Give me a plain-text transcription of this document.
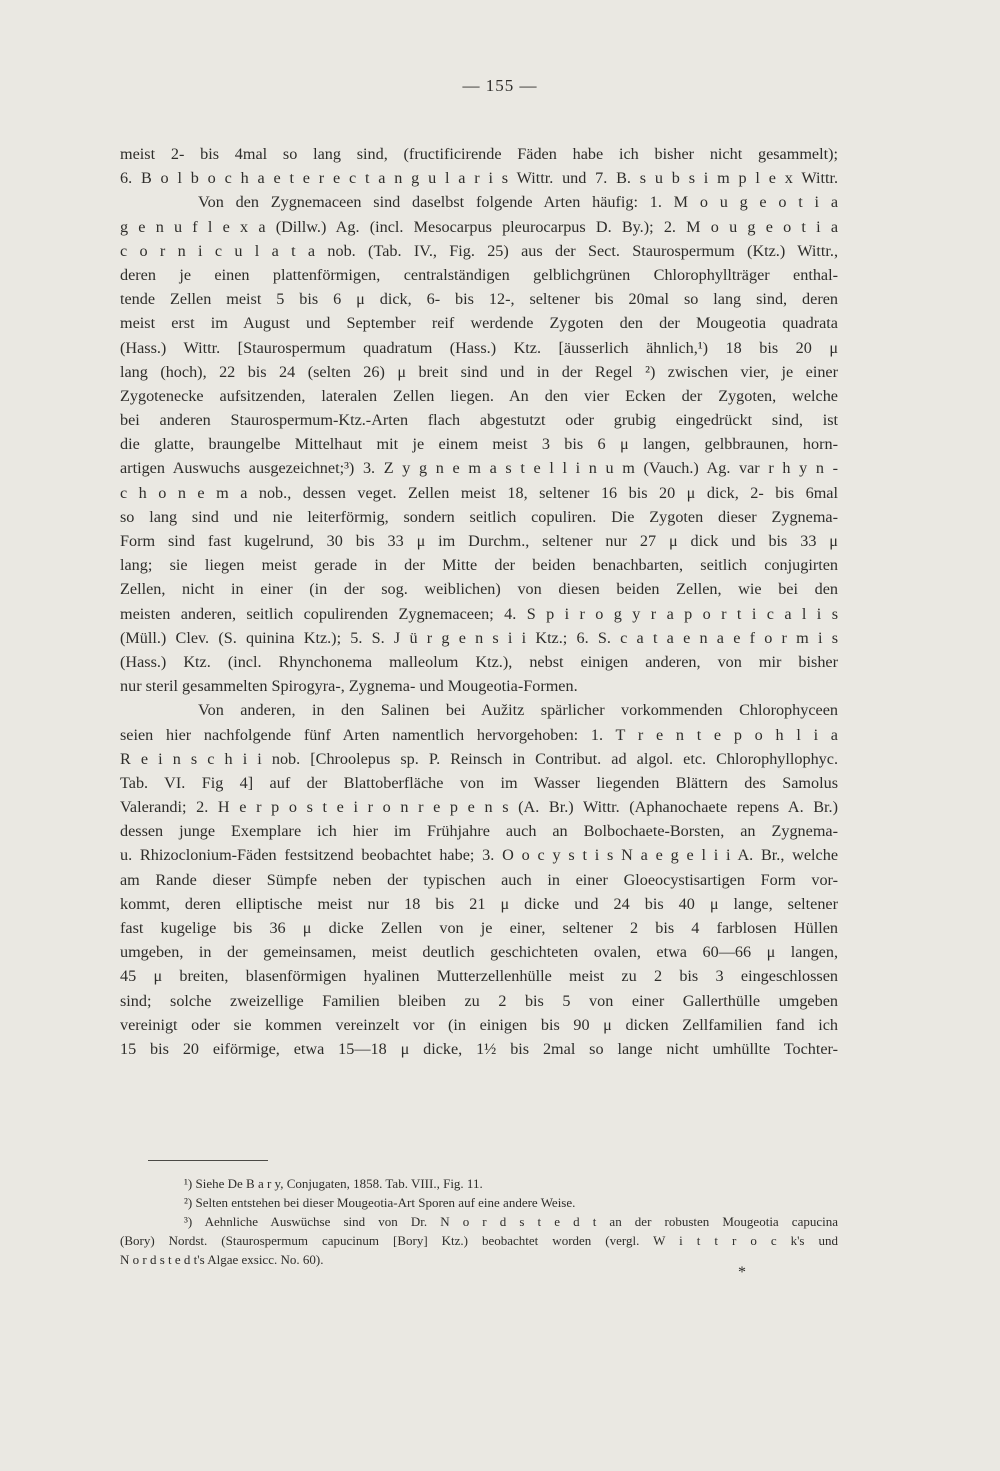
— 155 —
meist 2- bis 4mal so lang sind, (fructificirende Fäden habe ich bisher nicht gesammelt);
6. B o l b o c h a e t e r e c t a n g u l a r i s Wittr. und 7. B. s u b s i m p l e x Wittr.
Von den Zygnemaceen sind daselbst folgende Arten häufig: 1. M o u g e o t i a
g e n u f l e x a (Dillw.) Ag. (incl. Mesocarpus pleurocarpus D. By.); 2. M o u g e o t i a
c o r n i c u l a t a nob. (Tab. IV., Fig. 25) aus der Sect. Staurospermum (Ktz.) Wittr.,
deren je einen plattenförmigen, centralständigen gelblichgrünen Chlorophyllträger enthal-
tende Zellen meist 5 bis 6 μ dick, 6- bis 12-, seltener bis 20mal so lang sind, deren
meist erst im August und September reif werdende Zygoten den der Mougeotia quadrata
(Hass.) Wittr. [Staurospermum quadratum (Hass.) Ktz. [äusserlich ähnlich,¹) 18 bis 20 μ
lang (hoch), 22 bis 24 (selten 26) μ breit sind und in der Regel ²) zwischen vier, je einer
Zygotenecke aufsitzenden, lateralen Zellen liegen. An den vier Ecken der Zygoten, welche
bei anderen Staurospermum-Ktz.-Arten flach abgestutzt oder grubig eingedrückt sind, ist
die glatte, braungelbe Mittelhaut mit je einem meist 3 bis 6 μ langen, gelbbraunen, horn-
artigen Auswuchs ausgezeichnet;³) 3. Z y g n e m a s t e l l i n u m (Vauch.) Ag. var r h y n -
c h o n e m a nob., dessen veget. Zellen meist 18, seltener 16 bis 20 μ dick, 2- bis 6mal
so lang sind und nie leiterförmig, sondern seitlich copuliren. Die Zygoten dieser Zygnema-
Form sind fast kugelrund, 30 bis 33 μ im Durchm., seltener nur 27 μ dick und bis 33 μ
lang; sie liegen meist gerade in der Mitte der beiden benachbarten, seitlich conjugirten
Zellen, nicht in einer (in der sog. weiblichen) von diesen beiden Zellen, wie bei den
meisten anderen, seitlich copulirenden Zygnemaceen; 4. S p i r o g y r a p o r t i c a l i s
(Müll.) Clev. (S. quinina Ktz.); 5. S. J ü r g e n s i i Ktz.; 6. S. c a t a e n a e f o r m i s
(Hass.) Ktz. (incl. Rhynchonema malleolum Ktz.), nebst einigen anderen, von mir bisher
nur steril gesammelten Spirogyra-, Zygnema- und Mougeotia-Formen.
Von anderen, in den Salinen bei Aužitz spärlicher vorkommenden Chlorophyceen
seien hier nachfolgende fünf Arten namentlich hervorgehoben: 1. T r e n t e p o h l i a
R e i n s c h i i nob. [Chroolepus sp. P. Reinsch in Contribut. ad algol. etc. Chlorophyllophyc.
Tab. VI. Fig 4] auf der Blattoberfläche von im Wasser liegenden Blättern des Samolus
Valerandi; 2. H e r p o s t e i r o n r e p e n s (A. Br.) Wittr. (Aphanochaete repens A. Br.)
dessen junge Exemplare ich hier im Frühjahre auch an Bolbochaete-Borsten, an Zygnema-
u. Rhizoclonium-Fäden festsitzend beobachtet habe; 3. O o c y s t i s N a e g e l i i A. Br., welche
am Rande dieser Sümpfe neben der typischen auch in einer Gloeocystisartigen Form vor-
kommt, deren elliptische meist nur 18 bis 21 μ dicke und 24 bis 40 μ lange, seltener
fast kugelige bis 36 μ dicke Zellen von je einer, seltener 2 bis 4 farblosen Hüllen
umgeben, in der gemeinsamen, meist deutlich geschichteten ovalen, etwa 60—66 μ langen,
45 μ breiten, blasenförmigen hyalinen Mutterzellenhülle meist zu 2 bis 3 eingeschlossen
sind; solche zweizellige Familien bleiben zu 2 bis 5 von einer Gallerthülle umgeben
vereinigt oder sie kommen vereinzelt vor (in einigen bis 90 μ dicken Zellfamilien fand ich
15 bis 20 eiförmige, etwa 15—18 μ dicke, 1½ bis 2mal so lange nicht umhüllte Tochter-
¹) Siehe De B a r y, Conjugaten, 1858. Tab. VIII., Fig. 11.
²) Selten entstehen bei dieser Mougeotia-Art Sporen auf eine andere Weise.
³) Aehnliche Auswüchse sind von Dr. N o r d s t e d t an der robusten Mougeotia capucina
(Bory) Nordst. (Staurospermum capucinum [Bory] Ktz.) beobachtet worden (vergl. W i t t r o c k's und
N o r d s t e d t's Algae exsicc. No. 60).
*
